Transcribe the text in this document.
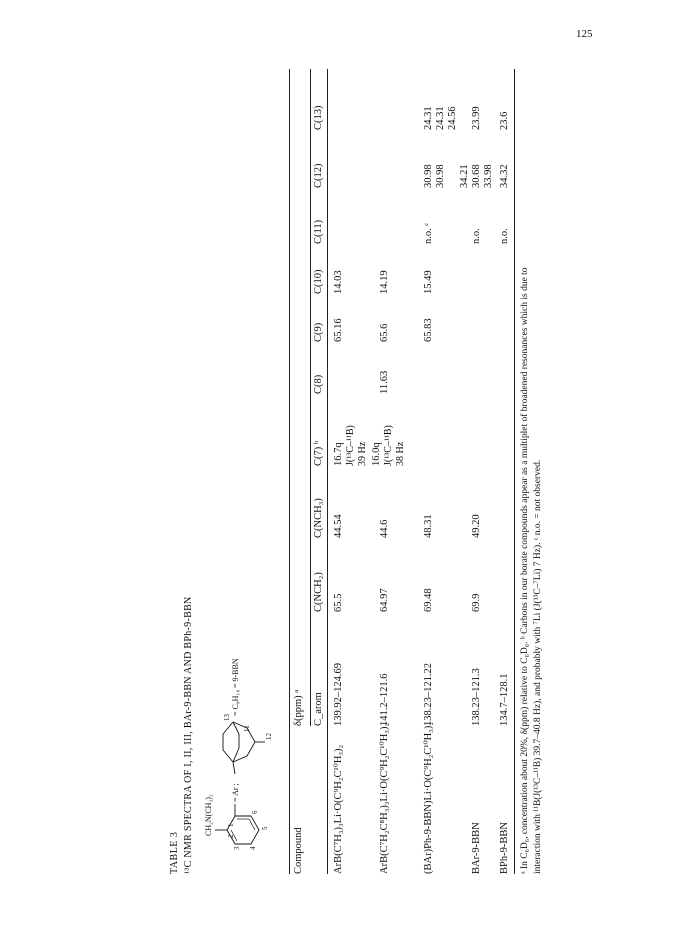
125
TABLE 3 ¹³C NMR SPECTRA OF I, II, III, BAr-9-BBN AND BPh-9-BBN	1
2
3 4
5
6
CH₂N(CH₃)₂
= Ar ;
11
12
13
= C₈H₁₄ = 9-BBN
Compound
δ(ppm) ᵃ C_arom
C(NCH₂)
C(NCH₃)
C(7) ᵇ
C(8)
C(9)
C(10)
C(11)
C(12)
C(13)
ArB(C⁷H₃)₃Li·O(C⁹H₂C¹⁰H₃)₂
139.92–124.69
65.5
44.54
16.7q J(¹³C–¹¹B) 39 Hz
65.16
14.03
ArB(C⁷H₂C⁸H₃)₃Li·O(C⁹H₂C¹⁰H₃)₂
141.2–121.6
64.97
44.6
16.0q J(¹³C–¹¹B) 38 Hz
11.63
65.6
14.19
(BAr)Ph-9-BBN)Li·O(C⁹H₂C¹⁰H₃)₂
138.23–121.22
69.48
48.31
65.83
15.49
n.o. ᶜ
30.98 30.98
24.31 24.31 24.56
BAr-9-BBN
138.23–121.3
69.9
49.20
n.o.
34.21 30.68 33.98
23.99
BPh-9-BBN
134.7–128.1
n.o.
34.32
23.6
ᵃ In C₆D₆, concentration about 20%, δ(ppm) relative to C₆D₆. ᵇ Carbons in our borate compounds appear as a multiplet of broadened resonances which is due to interaction with ¹¹B(J(¹³C–¹¹B) 39.7–40.8 Hz), and probably with ⁷Li (J(¹³C–⁷Li) 7 Hz). ᶜ n.o. = not observed.
